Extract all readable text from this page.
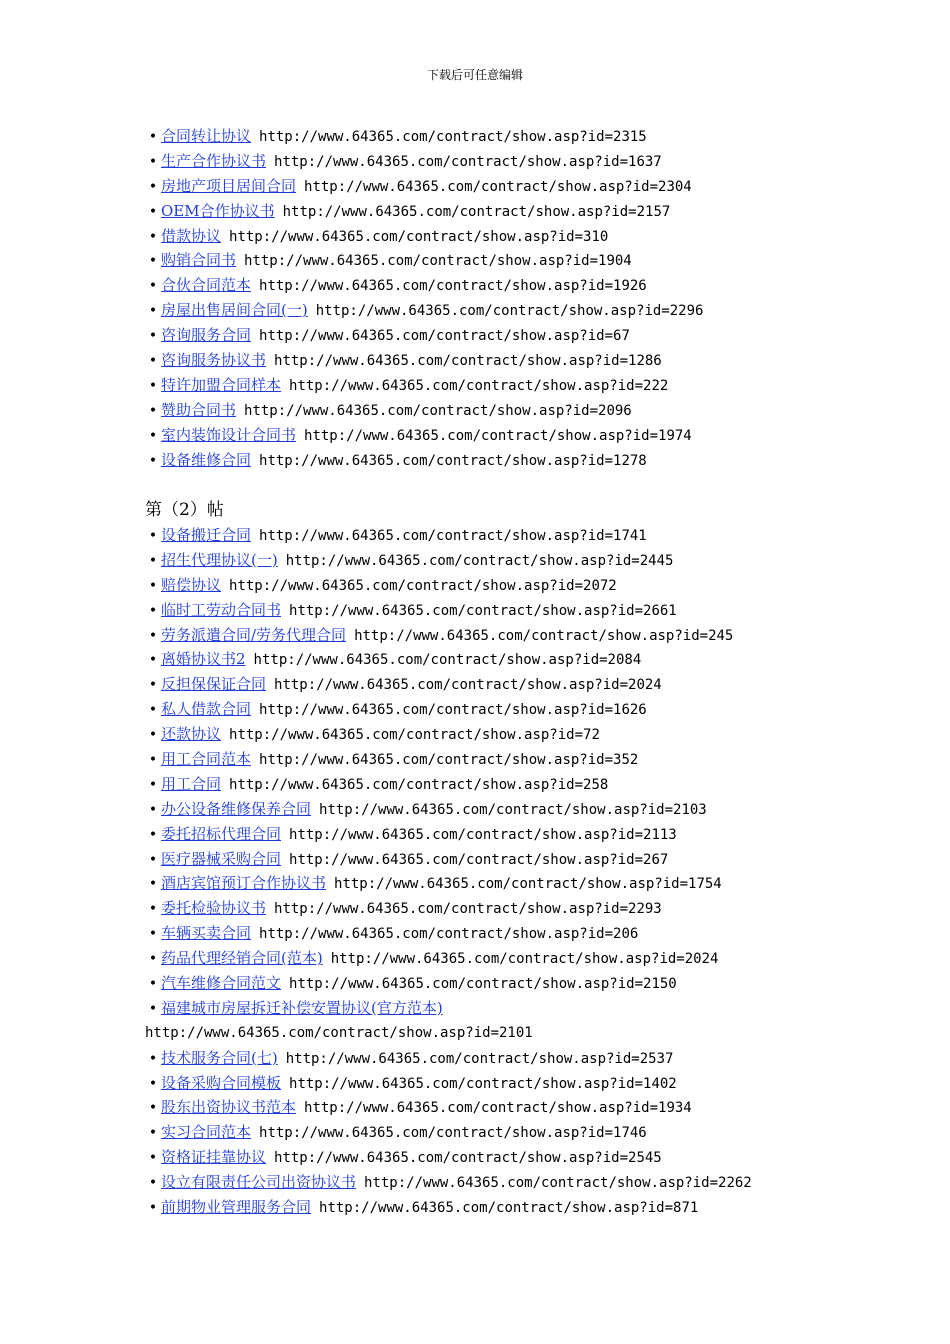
下载后可任意编辑
• 合同转让协议 http://www.64365.com/contract/show.asp?id=2315
• 生产合作协议书 http://www.64365.com/contract/show.asp?id=1637
• 房地产项目居间合同 http://www.64365.com/contract/show.asp?id=2304
• OEM合作协议书 http://www.64365.com/contract/show.asp?id=2157
• 借款协议 http://www.64365.com/contract/show.asp?id=310
• 购销合同书 http://www.64365.com/contract/show.asp?id=1904
• 合伙合同范本 http://www.64365.com/contract/show.asp?id=1926
• 房屋出售居间合同(一) http://www.64365.com/contract/show.asp?id=2296
• 咨询服务合同 http://www.64365.com/contract/show.asp?id=67
• 咨询服务协议书 http://www.64365.com/contract/show.asp?id=1286
• 特许加盟合同样本 http://www.64365.com/contract/show.asp?id=222
• 赞助合同书 http://www.64365.com/contract/show.asp?id=2096
• 室内装饰设计合同书 http://www.64365.com/contract/show.asp?id=1974
• 设备维修合同 http://www.64365.com/contract/show.asp?id=1278
第（2）帖
• 设备搬迁合同 http://www.64365.com/contract/show.asp?id=1741
• 招生代理协议(一) http://www.64365.com/contract/show.asp?id=2445
• 赔偿协议 http://www.64365.com/contract/show.asp?id=2072
• 临时工劳动合同书 http://www.64365.com/contract/show.asp?id=2661
• 劳务派遣合同/劳务代理合同 http://www.64365.com/contract/show.asp?id=245
• 离婚协议书2 http://www.64365.com/contract/show.asp?id=2084
• 反担保保证合同 http://www.64365.com/contract/show.asp?id=2024
• 私人借款合同 http://www.64365.com/contract/show.asp?id=1626
• 还款协议 http://www.64365.com/contract/show.asp?id=72
• 用工合同范本 http://www.64365.com/contract/show.asp?id=352
• 用工合同 http://www.64365.com/contract/show.asp?id=258
• 办公设备维修保养合同 http://www.64365.com/contract/show.asp?id=2103
• 委托招标代理合同 http://www.64365.com/contract/show.asp?id=2113
• 医疗器械采购合同 http://www.64365.com/contract/show.asp?id=267
• 酒店宾馆预订合作协议书 http://www.64365.com/contract/show.asp?id=1754
• 委托检验协议书 http://www.64365.com/contract/show.asp?id=2293
• 车辆买卖合同 http://www.64365.com/contract/show.asp?id=206
• 药品代理经销合同(范本) http://www.64365.com/contract/show.asp?id=2024
• 汽车维修合同范文 http://www.64365.com/contract/show.asp?id=2150
• 福建城市房屋拆迁补偿安置协议(官方范本)
http://www.64365.com/contract/show.asp?id=2101
• 技术服务合同(七) http://www.64365.com/contract/show.asp?id=2537
• 设备采购合同模板 http://www.64365.com/contract/show.asp?id=1402
• 股东出资协议书范本 http://www.64365.com/contract/show.asp?id=1934
• 实习合同范本 http://www.64365.com/contract/show.asp?id=1746
• 资格证挂靠协议 http://www.64365.com/contract/show.asp?id=2545
• 设立有限责任公司出资协议书 http://www.64365.com/contract/show.asp?id=2262
• 前期物业管理服务合同 http://www.64365.com/contract/show.asp?id=871
